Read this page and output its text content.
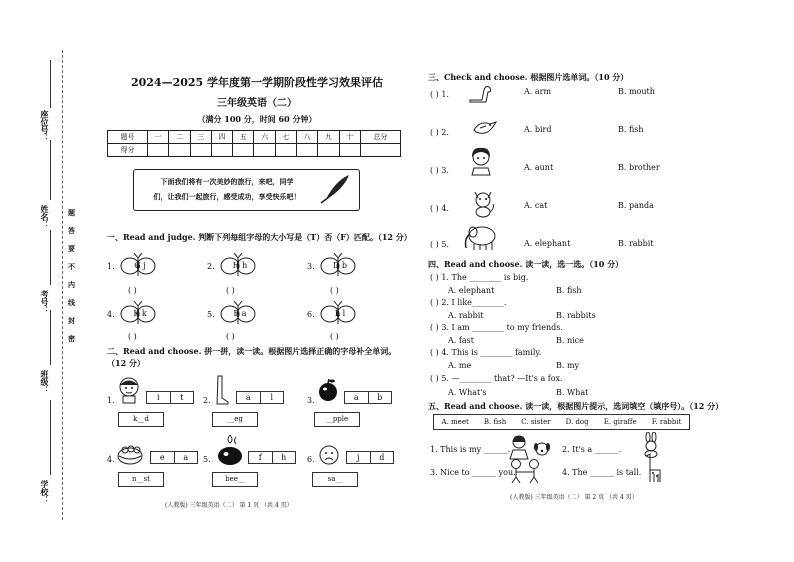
座位号：
姓名：
考号：
班级：
学校：
题
答
要
不
内
线
封
密
2024—2025 学年度第一学期阶段性学习效果评估
三年级英语（二）
（满分 100 分，时间 60 分钟）
题号	一	二	三	四	五	六	七	八	九	十	总分
得分											
下面我们将有一次美妙的旅行，来吧，同学
们，让我们一起旅行，感受成功，享受快乐吧！
一、Read and judge. 判断下列每组字母的大小写是（T）否（F）匹配。（12 分）
1.	G j
( )
2.	H h
( )
3.	D b
( )
4.	K k
( )
5.	E a
( )
6.	L l
( )
二、Read and choose. 拼一拼，读一读。根据图片选择正确的字母补全单词。（12 分）
1.	i	t
k__d
2.	a	l
__eg
3.	a	b
__pple
4.	e	a
n__st
5.	f	h
bee__
6.	j	d
sa__
(人教版) 三年级英语（二） 第 1 页 （共 4 页）
三、Check and choose. 根据图片选单词。（10 分）
( ) 1.	A. arm	B. mouth
( ) 2.	A. bird	B. fish
( ) 3.	A. aunt	B. brother
( ) 4.	A. cat	B. panda
( ) 5.	A. elephant	B. rabbit
四、Read and choose. 读一读，选一选。（10 分）
( ) 1. The ________ is big.
A. elephant	B. fish
( ) 2. I like________.
A. rabbit	B. rabbits
( ) 3. I am ________ to my friends.
A. fast	B. nice
( ) 4. This is ________ family.
A. me	B. my
( ) 5. —________ that? —It's a fox.
A. What's	B. What
五、Read and choose. 读一读，根据图片提示，选词填空（填序号）。（12 分）
A. meet B. fish C. sister D. dog E. giraffe F. rabbit
1. This is my ______.	2. It's a ______.
3. Nice to ______ you.	4. The ______ is tall.
(人教版) 三年级英语（二） 第 2 页 （共 4 页）
